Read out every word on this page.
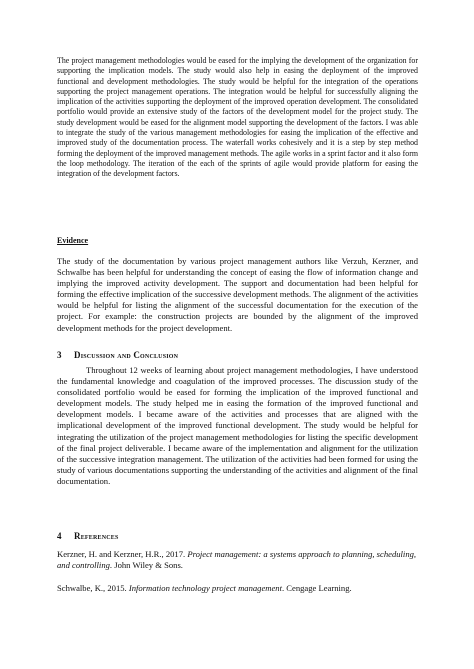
The project management methodologies would be eased for the implying the development of the organization for supporting the implication models. The study would also help in easing the deployment of the improved functional and development methodologies. The study would be helpful for the integration of the operations supporting the project management operations. The integration would be helpful for successfully aligning the implication of the activities supporting the deployment of the improved operation development. The consolidated portfolio would provide an extensive study of the factors of the development model for the project study. The study development would be eased for the alignment model supporting the development of the factors. I was able to integrate the study of the various management methodologies for easing the implication of the effective and improved study of the documentation process. The waterfall works cohesively and it is a step by step method forming the deployment of the improved management methods. The agile works in a sprint factor and it also form the loop methodology. The iteration of the each of the sprints of agile would provide platform for easing the integration of the development factors.

Evidence

The study of the documentation by various project management authors like Verzuh, Kerzner, and Schwalbe has been helpful for understanding the concept of easing the flow of information change and implying the improved activity development. The support and documentation had been helpful for forming the effective implication of the successive development methods. The alignment of the activities would be helpful for listing the alignment of the successful documentation for the execution of the project. For example: the construction projects are bounded by the alignment of the improved development methods for the project development.

3 Discussion and Conclusion

Throughout 12 weeks of learning about project management methodologies, I have understood the fundamental knowledge and coagulation of the improved processes. The discussion study of the consolidated portfolio would be eased for forming the implication of the improved functional and development models. The study helped me in easing the formation of the improved functional and development models. I became aware of the activities and processes that are aligned with the implicational development of the improved functional development. The study would be helpful for integrating the utilization of the project management methodologies for listing the specific development of the final project deliverable. I became aware of the implementation and alignment for the utilization of the successive integration management. The utilization of the activities had been formed for using the study of various documentations supporting the understanding of the activities and alignment of the final documentation.

4 References

Kerzner, H. and Kerzner, H.R., 2017. Project management: a systems approach to planning, scheduling, and controlling. John Wiley & Sons.

Schwalbe, K., 2015. Information technology project management. Cengage Learning.
